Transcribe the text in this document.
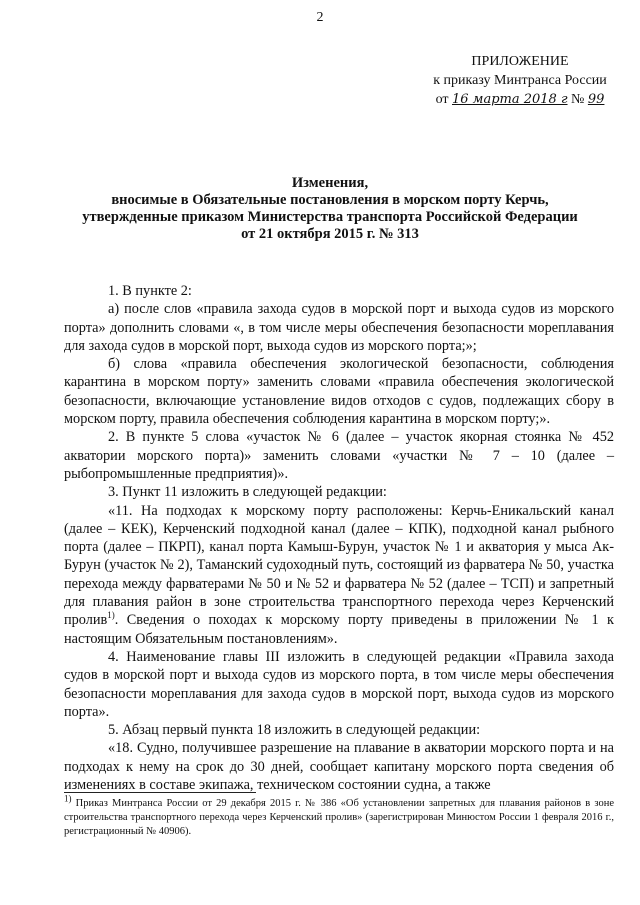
2
ПРИЛОЖЕНИЕ
к приказу Минтранса России
от 16 марта 2018 г № 99
Изменения,
вносимые в Обязательные постановления в морском порту Керчь,
утвержденные приказом Министерства транспорта Российской Федерации
от 21 октября 2015 г. № 313

1. В пункте 2:

а) после слов «правила захода судов в морской порт и выхода судов из морского порта» дополнить словами «, в том числе меры обеспечения безопасности мореплавания для захода судов в морской порт, выхода судов из морского порта;»;

б) слова «правила обеспечения экологической безопасности, соблюдения карантина в морском порту» заменить словами «правила обеспечения экологической безопасности, включающие установление видов отходов с судов, подлежащих сбору в морском порту, правила обеспечения соблюдения карантина в морском порту;».

2. В пункте 5 слова «участок № 6 (далее – участок якорная стоянка № 452 акватории морского порта)» заменить словами «участки № 7 – 10 (далее – рыбопромышленные предприятия)».

3. Пункт 11 изложить в следующей редакции:

«11. На подходах к морскому порту расположены: Керчь-Еникальский канал (далее – КЕК), Керченский подходной канал (далее – КПК), подходной канал рыбного порта (далее – ПКРП), канал порта Камыш-Бурун, участок № 1 и акватория у мыса Ак-Бурун (участок № 2), Таманский судоходный путь, состоящий из фарватера № 50, участка перехода между фарватерами № 50 и № 52 и фарватера № 52 (далее – ТСП) и запретный для плавания район в зоне строительства транспортного перехода через Керченский пролив$^{1)}$. Сведения о походах к морскому порту приведены в приложении № 1 к настоящим Обязательным постановлениям».

4. Наименование главы III изложить в следующей редакции «Правила захода судов в морской порт и выхода судов из морского порта, в том числе меры обеспечения безопасности мореплавания для захода судов в морской порт, выхода судов из морского порта».

5. Абзац первый пункта 18 изложить в следующей редакции:

«18. Судно, получившее разрешение на плавание в акватории морского порта и на подходах к нему на срок до 30 дней, сообщает капитану морского порта сведения об изменениях в составе экипажа, техническом состоянии судна, а также

$^{1)}$ Приказ Минтранса России от 29 декабря 2015 г. № 386 «Об установлении запретных для плавания районов в зоне строительства транспортного перехода через Керченский пролив» (зарегистрирован Минюстом России 1 февраля 2016 г., регистрационный № 40906).
